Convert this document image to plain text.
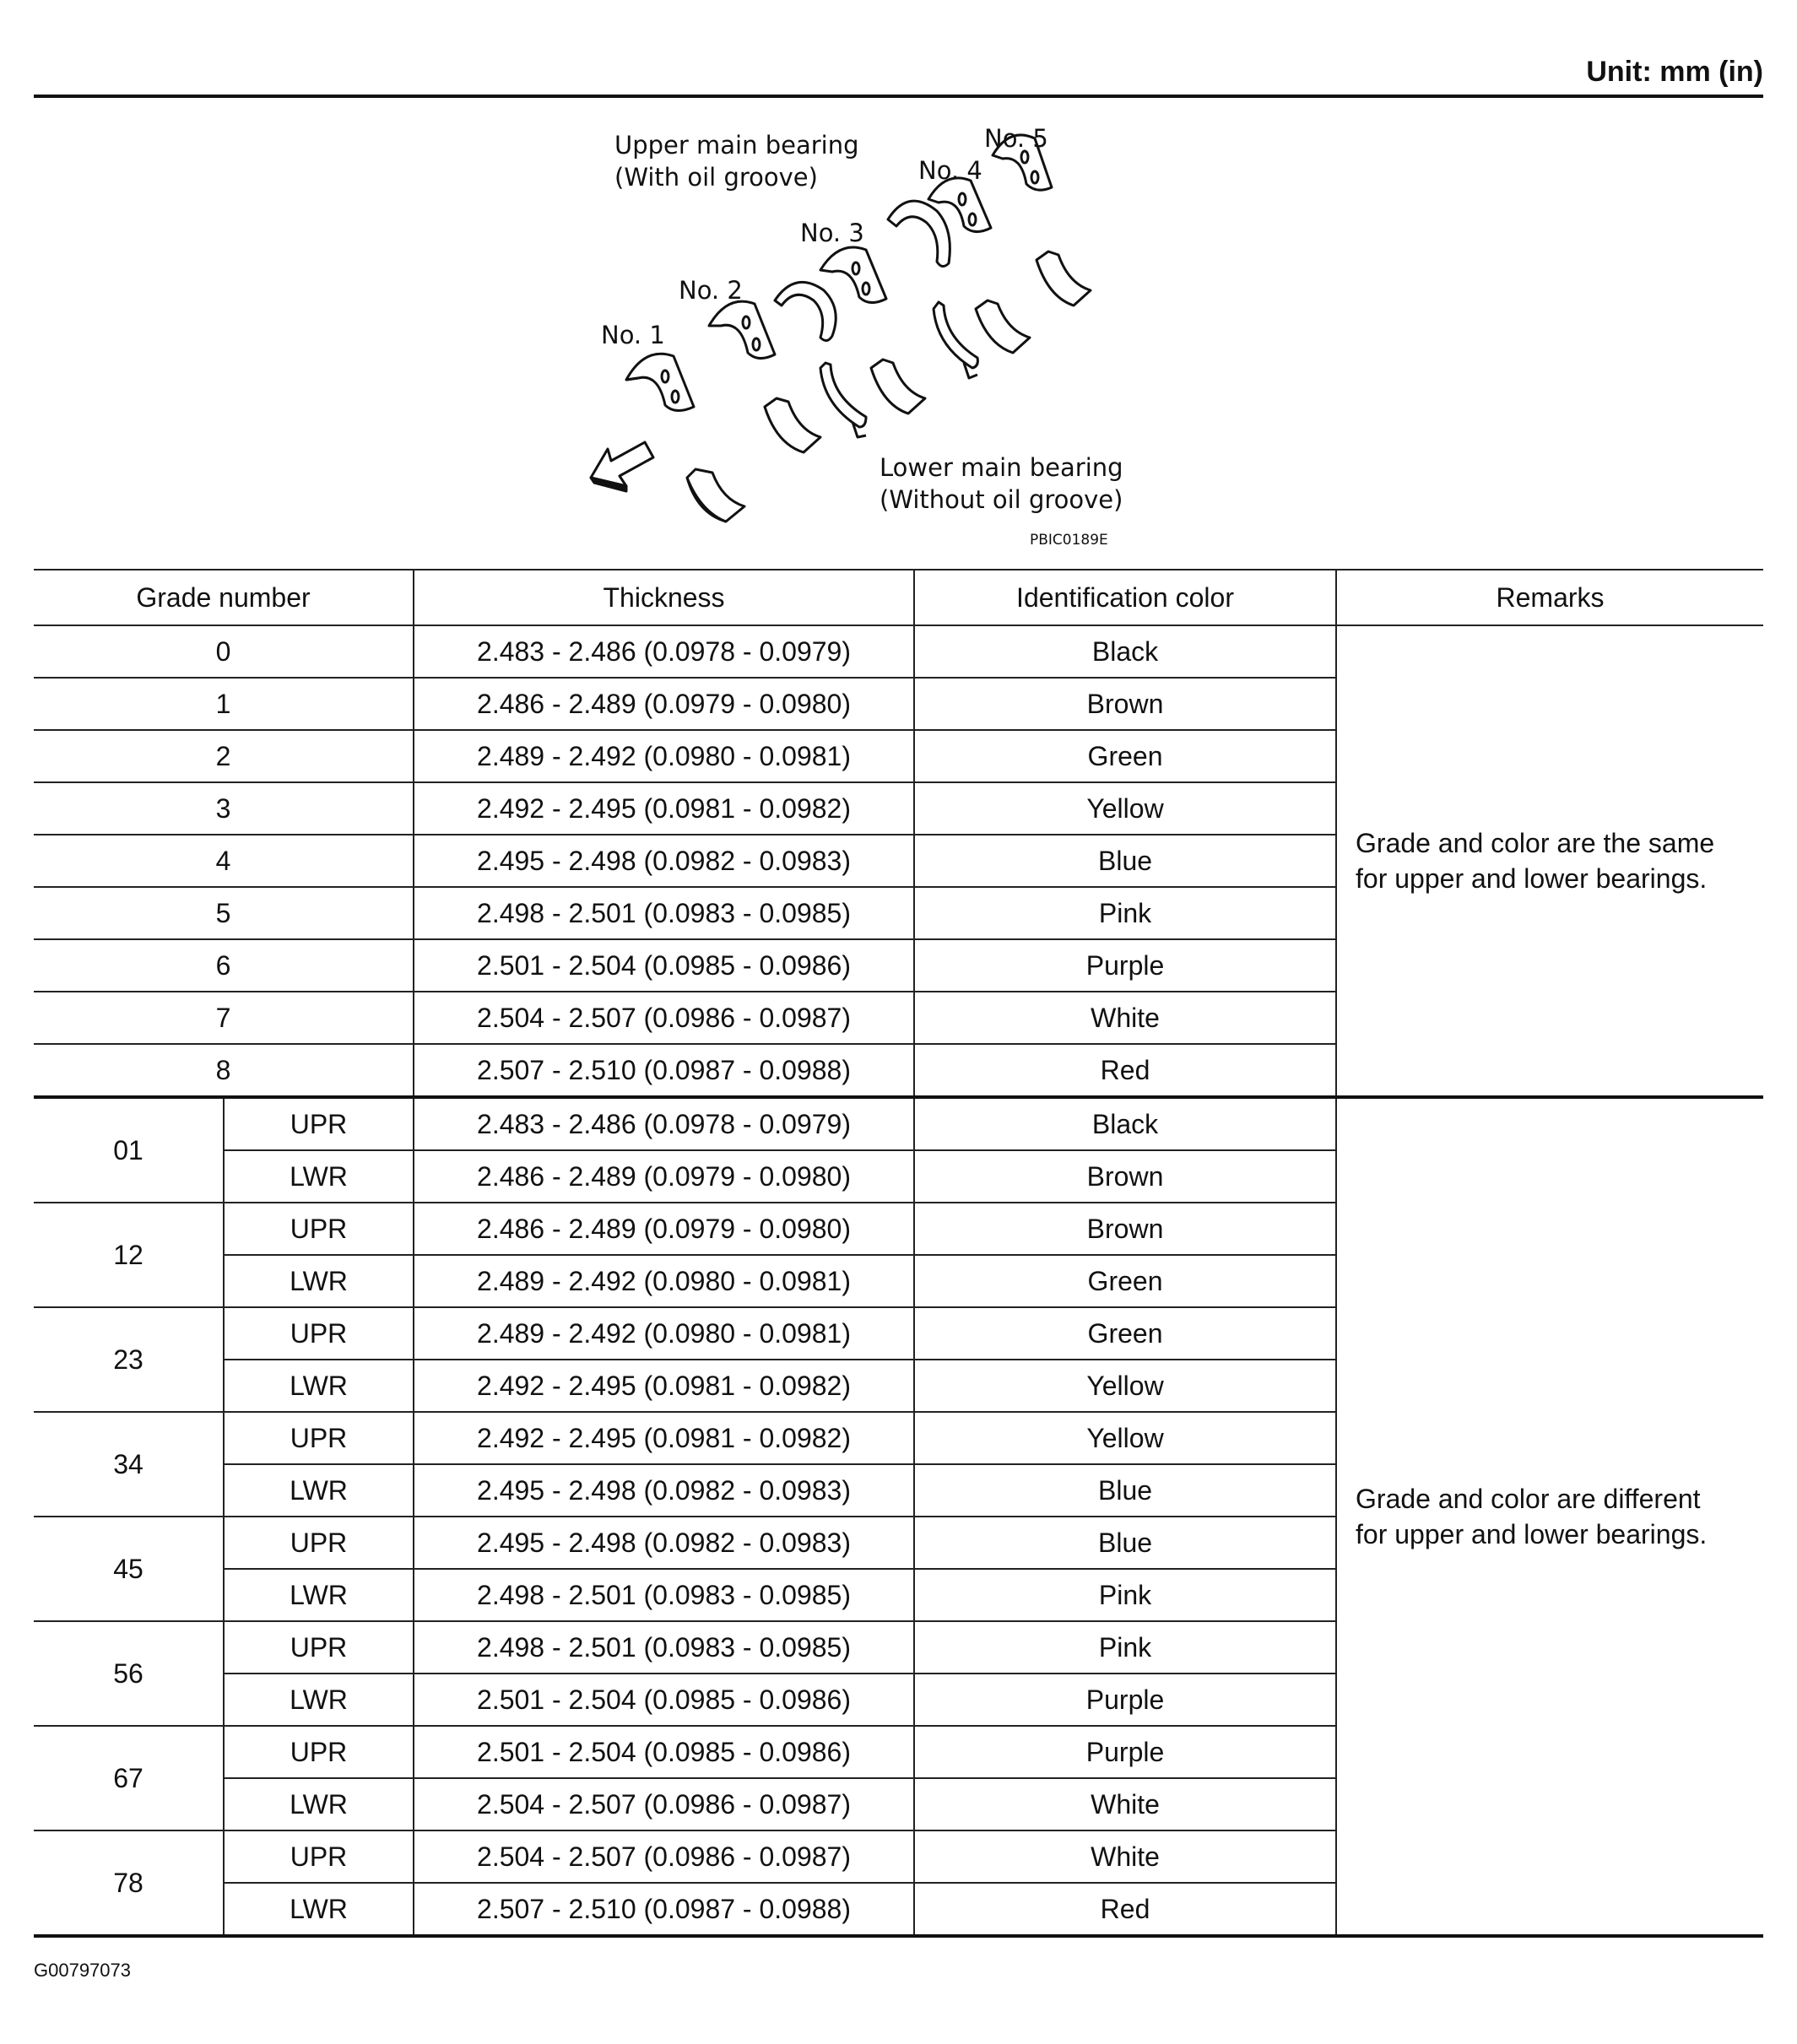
Unit: mm (in)
Upper main bearing
(With oil groove)
No. 1
No. 2
No. 3
No. 4
No. 5
Lower main bearing
(Without oil groove)
PBIC0189E
Grade number		Thickness	Identification color	Remarks
0		2.483 - 2.486 (0.0978 - 0.0979)	Black	Grade and color are the same
for upper and lower bearings.
1		2.486 - 2.489 (0.0979 - 0.0980)	Brown	
2		2.489 - 2.492 (0.0980 - 0.0981)	Green	
3		2.492 - 2.495 (0.0981 - 0.0982)	Yellow	
4		2.495 - 2.498 (0.0982 - 0.0983)	Blue	
5		2.498 - 2.501 (0.0983 - 0.0985)	Pink	
6		2.501 - 2.504 (0.0985 - 0.0986)	Purple	
7		2.504 - 2.507 (0.0986 - 0.0987)	White	
8		2.507 - 2.510 (0.0987 - 0.0988)	Red	
01	UPR	2.483 - 2.486 (0.0978 - 0.0979)	Black	Grade and color are different
for upper and lower bearings.
	LWR	2.486 - 2.489 (0.0979 - 0.0980)	Brown	
12	UPR	2.486 - 2.489 (0.0979 - 0.0980)	Brown	
	LWR	2.489 - 2.492 (0.0980 - 0.0981)	Green	
23	UPR	2.489 - 2.492 (0.0980 - 0.0981)	Green	
	LWR	2.492 - 2.495 (0.0981 - 0.0982)	Yellow	
34	UPR	2.492 - 2.495 (0.0981 - 0.0982)	Yellow	
	LWR	2.495 - 2.498 (0.0982 - 0.0983)	Blue	
45	UPR	2.495 - 2.498 (0.0982 - 0.0983)	Blue	
	LWR	2.498 - 2.501 (0.0983 - 0.0985)	Pink	
56	UPR	2.498 - 2.501 (0.0983 - 0.0985)	Pink	
	LWR	2.501 - 2.504 (0.0985 - 0.0986)	Purple	
67	UPR	2.501 - 2.504 (0.0985 - 0.0986)	Purple	
	LWR	2.504 - 2.507 (0.0986 - 0.0987)	White	
78	UPR	2.504 - 2.507 (0.0986 - 0.0987)	White	
	LWR	2.507 - 2.510 (0.0987 - 0.0988)	Red	
G00797073
